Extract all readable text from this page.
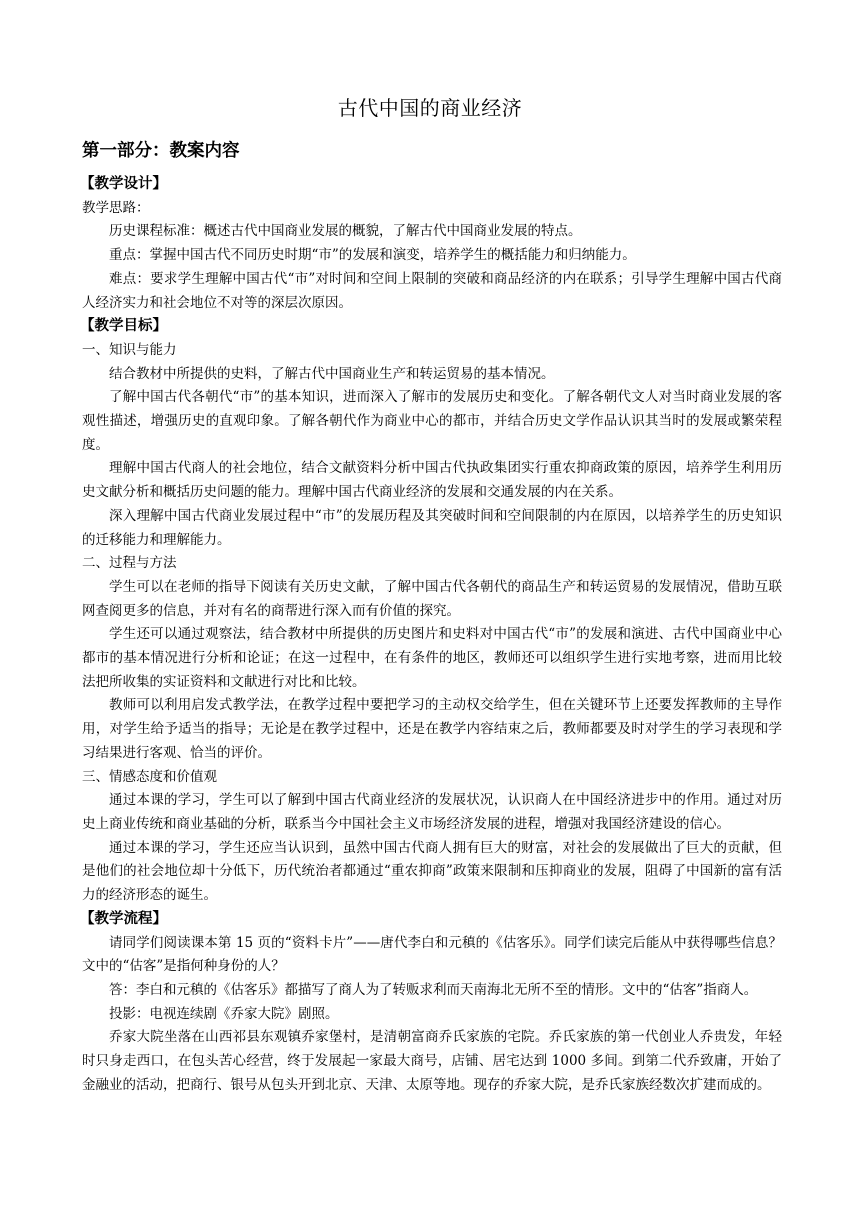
古代中国的商业经济
第一部分：教案内容
【教学设计】

教学思路：

历史课程标准：概述古代中国商业发展的概貌，了解古代中国商业发展的特点。

重点：掌握中国古代不同历史时期“市”的发展和演变，培养学生的概括能力和归纳能力。

难点：要求学生理解中国古代“市”对时间和空间上限制的突破和商品经济的内在联系；引导学生理解中国古代商人经济实力和社会地位不对等的深层次原因。

【教学目标】

一、知识与能力

结合教材中所提供的史料，了解古代中国商业生产和转运贸易的基本情况。

了解中国古代各朝代“市”的基本知识，进而深入了解市的发展历史和变化。了解各朝代文人对当时商业发展的客观性描述，增强历史的直观印象。了解各朝代作为商业中心的都市，并结合历史文学作品认识其当时的发展或繁荣程度。

理解中国古代商人的社会地位，结合文献资料分析中国古代执政集团实行重农抑商政策的原因，培养学生利用历史文献分析和概括历史问题的能力。理解中国古代商业经济的发展和交通发展的内在关系。

深入理解中国古代商业发展过程中“市”的发展历程及其突破时间和空间限制的内在原因，以培养学生的历史知识的迁移能力和理解能力。

二、过程与方法

学生可以在老师的指导下阅读有关历史文献，了解中国古代各朝代的商品生产和转运贸易的发展情况，借助互联网查阅更多的信息，并对有名的商帮进行深入而有价值的探究。

学生还可以通过观察法，结合教材中所提供的历史图片和史料对中国古代“市”的发展和演进、古代中国商业中心都市的基本情况进行分析和论证；在这一过程中，在有条件的地区，教师还可以组织学生进行实地考察，进而用比较法把所收集的实证资料和文献进行对比和比较。

教师可以利用启发式教学法，在教学过程中要把学习的主动权交给学生，但在关键环节上还要发挥教师的主导作用，对学生给予适当的指导；无论是在教学过程中，还是在教学内容结束之后，教师都要及时对学生的学习表现和学习结果进行客观、恰当的评价。

三、情感态度和价值观

通过本课的学习，学生可以了解到中国古代商业经济的发展状况，认识商人在中国经济进步中的作用。通过对历史上商业传统和商业基础的分析，联系当今中国社会主义市场经济发展的进程，增强对我国经济建设的信心。

通过本课的学习，学生还应当认识到，虽然中国古代商人拥有巨大的财富，对社会的发展做出了巨大的贡献，但是他们的社会地位却十分低下，历代统治者都通过“重农抑商”政策来限制和压抑商业的发展，阻碍了中国新的富有活力的经济形态的诞生。

【教学流程】

请同学们阅读课本第 15 页的“资料卡片”——唐代李白和元稹的《估客乐》。同学们读完后能从中获得哪些信息？文中的“估客”是指何种身份的人？

答：李白和元稹的《估客乐》都描写了商人为了转贩求利而天南海北无所不至的情形。文中的“估客”指商人。

投影：电视连续剧《乔家大院》剧照。

乔家大院坐落在山西祁县东观镇乔家堡村，是清朝富商乔氏家族的宅院。乔氏家族的第一代创业人乔贵发，年轻时只身走西口，在包头苦心经营，终于发展起一家最大商号，店铺、居宅达到 1000 多间。到第二代乔致庸，开始了金融业的活动，把商行、银号从包头开到北京、天津、太原等地。现存的乔家大院，是乔氏家族经数次扩建而成的。
